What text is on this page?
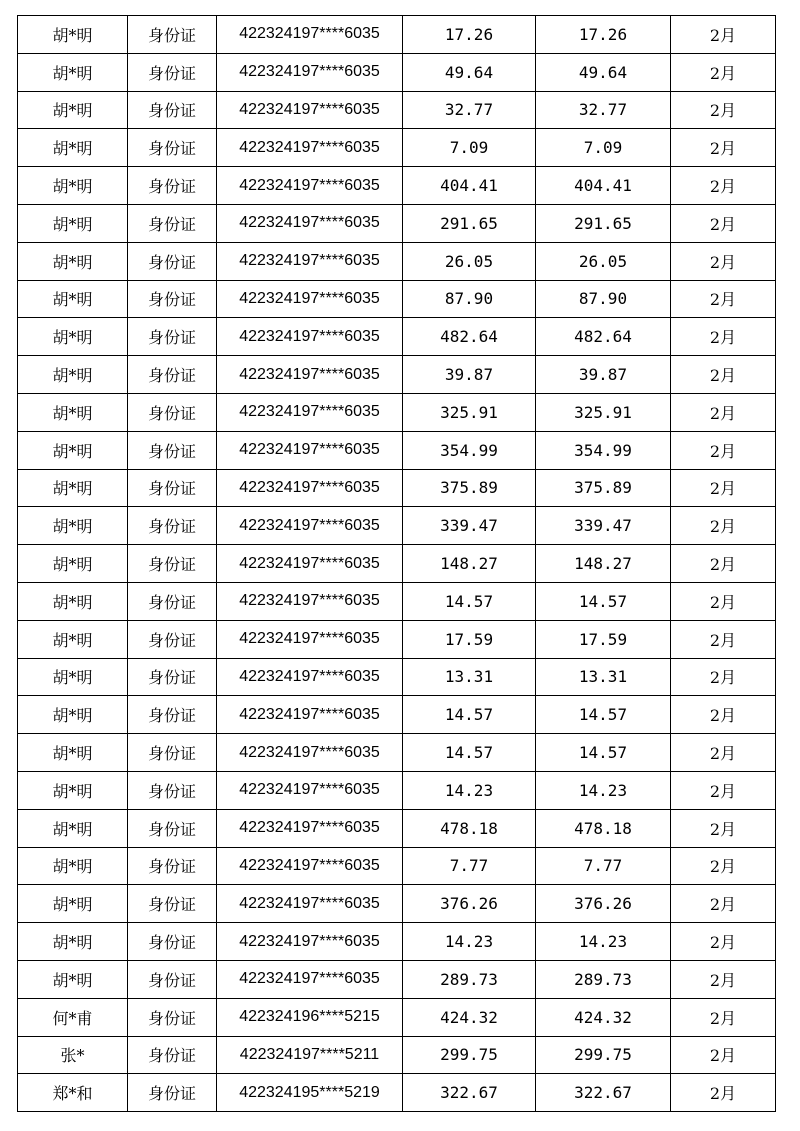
胡*明	身份证	422324197****6035	17.26	17.26	2月
胡*明	身份证	422324197****6035	49.64	49.64	2月
胡*明	身份证	422324197****6035	32.77	32.77	2月
胡*明	身份证	422324197****6035	7.09	7.09	2月
胡*明	身份证	422324197****6035	404.41	404.41	2月
胡*明	身份证	422324197****6035	291.65	291.65	2月
胡*明	身份证	422324197****6035	26.05	26.05	2月
胡*明	身份证	422324197****6035	87.90	87.90	2月
胡*明	身份证	422324197****6035	482.64	482.64	2月
胡*明	身份证	422324197****6035	39.87	39.87	2月
胡*明	身份证	422324197****6035	325.91	325.91	2月
胡*明	身份证	422324197****6035	354.99	354.99	2月
胡*明	身份证	422324197****6035	375.89	375.89	2月
胡*明	身份证	422324197****6035	339.47	339.47	2月
胡*明	身份证	422324197****6035	148.27	148.27	2月
胡*明	身份证	422324197****6035	14.57	14.57	2月
胡*明	身份证	422324197****6035	17.59	17.59	2月
胡*明	身份证	422324197****6035	13.31	13.31	2月
胡*明	身份证	422324197****6035	14.57	14.57	2月
胡*明	身份证	422324197****6035	14.57	14.57	2月
胡*明	身份证	422324197****6035	14.23	14.23	2月
胡*明	身份证	422324197****6035	478.18	478.18	2月
胡*明	身份证	422324197****6035	7.77	7.77	2月
胡*明	身份证	422324197****6035	376.26	376.26	2月
胡*明	身份证	422324197****6035	14.23	14.23	2月
胡*明	身份证	422324197****6035	289.73	289.73	2月
何*甫	身份证	422324196****5215	424.32	424.32	2月
张*	身份证	422324197****5211	299.75	299.75	2月
郑*和	身份证	422324195****5219	322.67	322.67	2月
